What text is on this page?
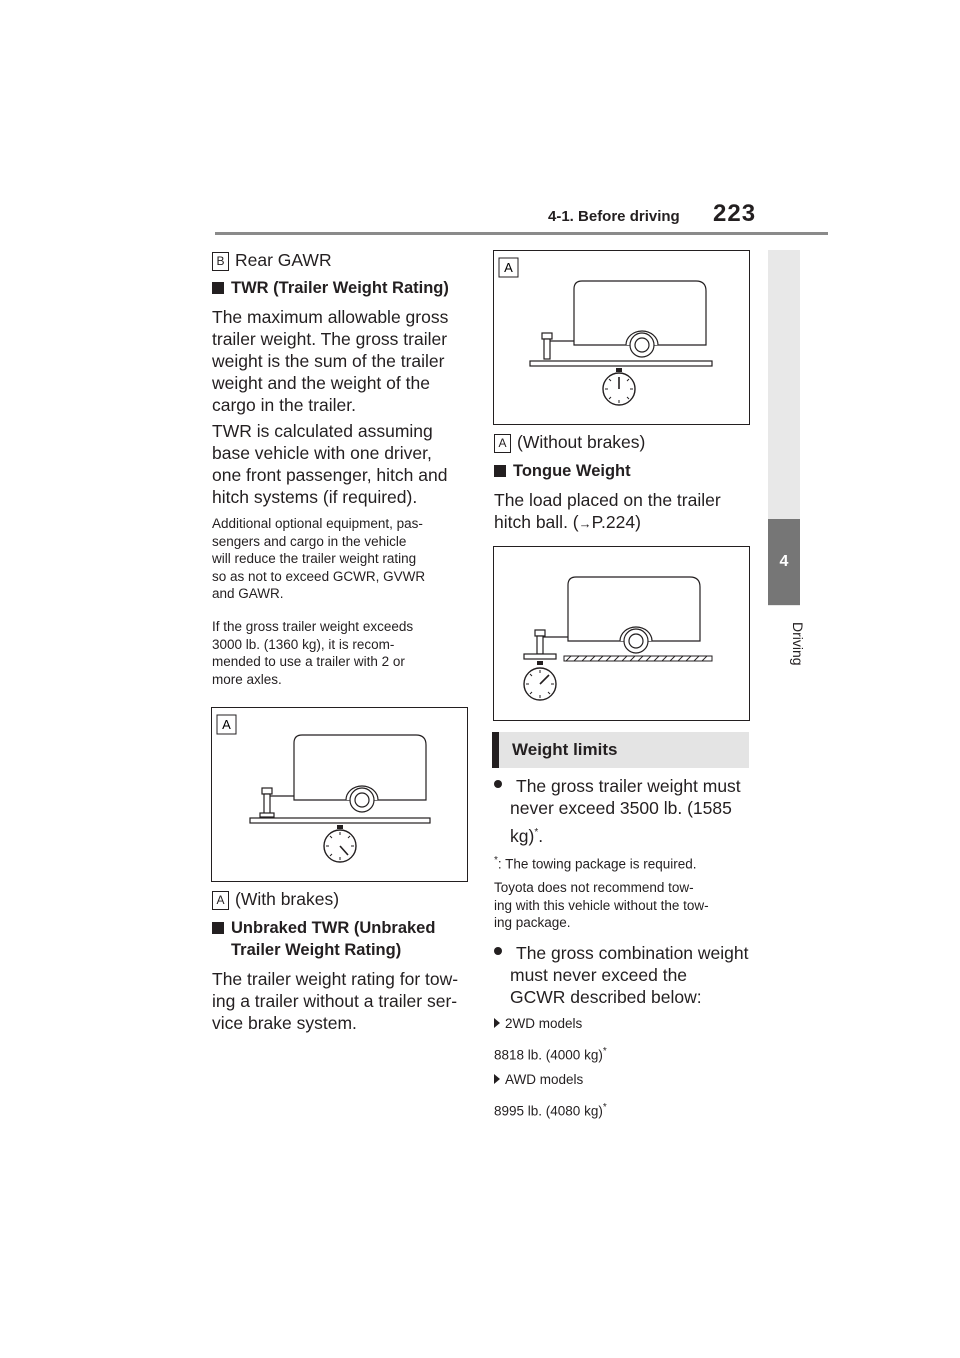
4-1. Before driving 223
4
Driving
B Rear GAWR
TWR (Trailer Weight Rating)
The maximum allowable gross
trailer weight. The gross trailer
weight is the sum of the trailer
weight and the weight of the
cargo in the trailer.
TWR is calculated assuming
base vehicle with one driver,
one front passenger, hitch and
hitch systems (if required).
Additional optional equipment, pas-
sengers and cargo in the vehicle
will reduce the trailer weight rating
so as not to exceed GCWR, GVWR
and GAWR.
If the gross trailer weight exceeds
3000 lb. (1360 kg), it is recom-
mended to use a trailer with 2 or
more axles.
A
A (With brakes)
Unbraked TWR (Unbraked
Trailer Weight Rating)
The trailer weight rating for tow-
ing a trailer without a trailer ser-
vice brake system.
A
A (Without brakes)
Tongue Weight
The load placed on the trailer
hitch ball. (→P.224)
Weight limits
The gross trailer weight must
never exceed 3500 lb. (1585
kg)*.
*: The towing package is required.
Toyota does not recommend tow-
ing with this vehicle without the tow-
ing package.
The gross combination weight
must never exceed the
GCWR described below:
2WD models
8818 lb. (4000 kg)*
AWD models
8995 lb. (4080 kg)*
